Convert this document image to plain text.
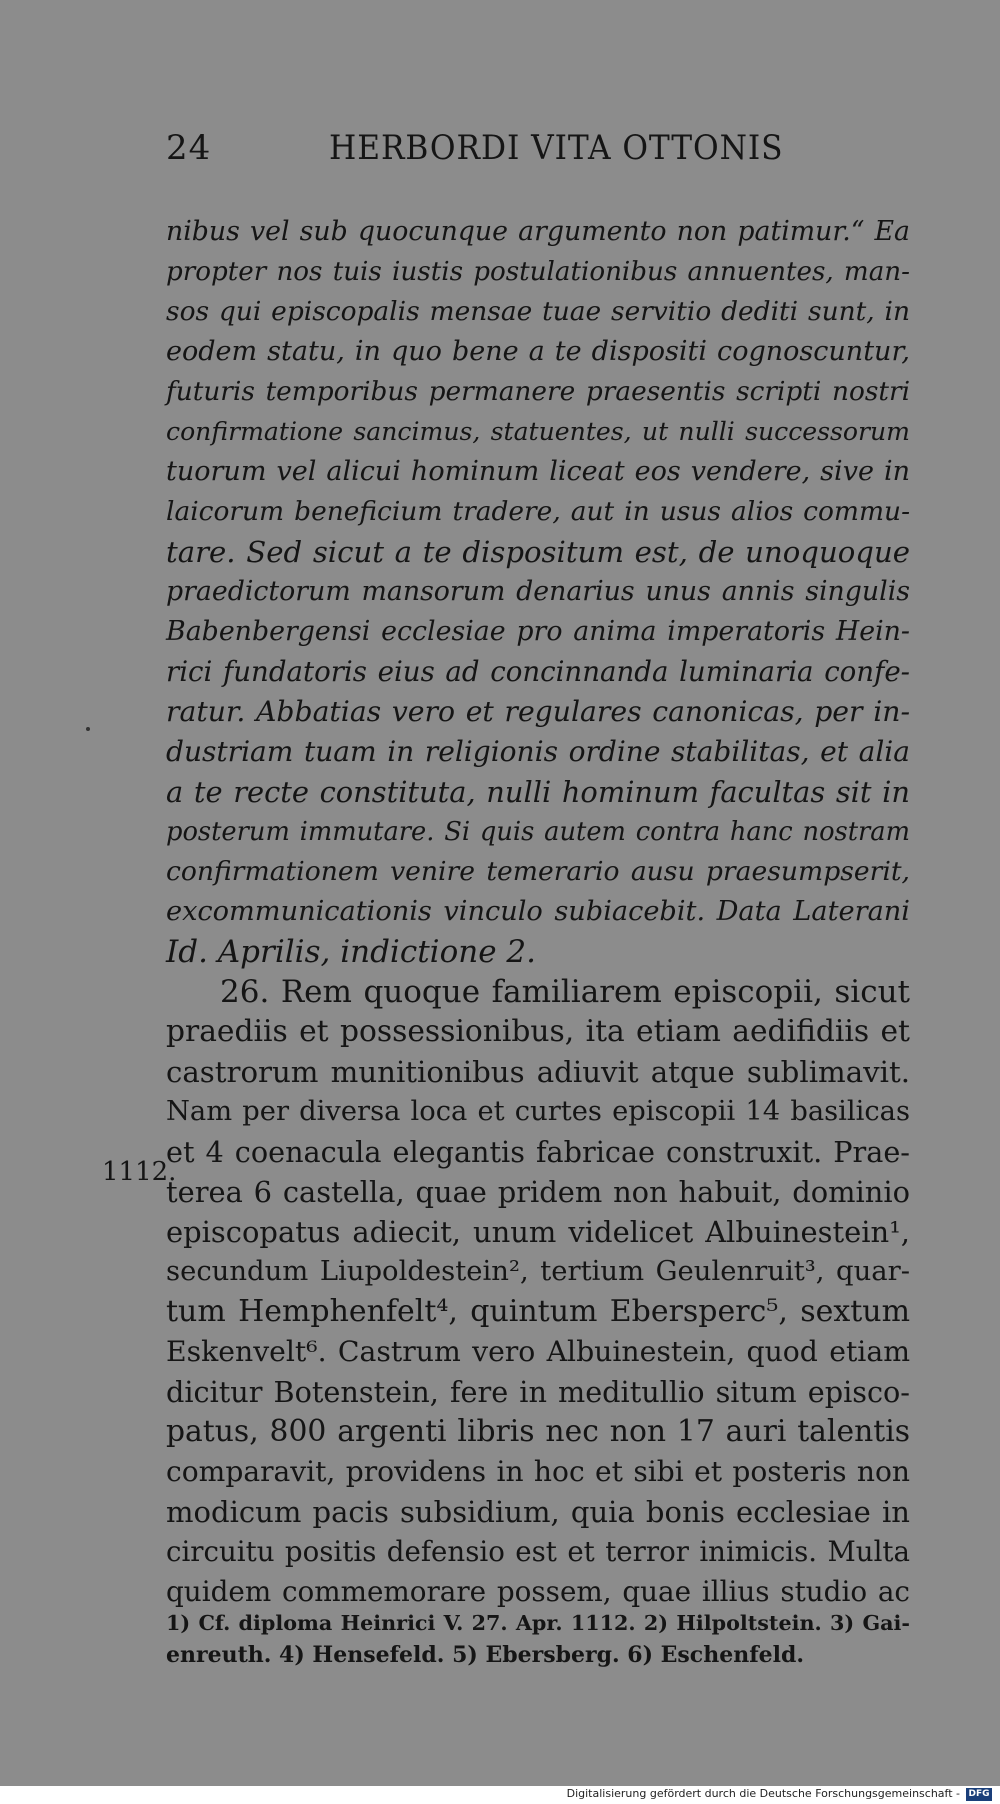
24	HERBORDI VITA OTTONIS
1112.
nibus vel sub quocunque argumento non patimur.“ Ea
propter nos tuis iustis postulationibus annuentes, man-
sos qui episcopalis mensae tuae servitio dediti sunt, in
eodem statu, in quo bene a te dispositi cognoscuntur,
futuris temporibus permanere praesentis scripti nostri
confirmatione sancimus, statuentes, ut nulli successorum
tuorum vel alicui hominum liceat eos vendere, sive in
laicorum beneficium tradere, aut in usus alios commu-
tare. Sed sicut a te dispositum est, de unoquoque
praedictorum mansorum denarius unus annis singulis
Babenbergensi ecclesiae pro anima imperatoris Hein-
rici fundatoris eius ad concinnanda luminaria confe-
ratur. Abbatias vero et regulares canonicas, per in-
dustriam tuam in religionis ordine stabilitas, et alia
a te recte constituta, nulli hominum facultas sit in
posterum immutare. Si quis autem contra hanc nostram
confirmationem venire temerario ausu praesumpserit,
excommunicationis vinculo subiacebit. Data Laterani
Id. Aprilis, indictione 2.
26. Rem quoque familiarem episcopii, sicut
praediis et possessionibus, ita etiam aedifidiis et
castrorum munitionibus adiuvit atque sublimavit.
Nam per diversa loca et curtes episcopii 14 basilicas
et 4 coenacula elegantis fabricae construxit. Prae-
terea 6 castella, quae pridem non habuit, dominio
episcopatus adiecit, unum videlicet Albuinestein¹,
secundum Liupoldestein², tertium Geulenruit³, quar-
tum Hemphenfelt⁴, quintum Ebersperc⁵, sextum
Eskenvelt⁶. Castrum vero Albuinestein, quod etiam
dicitur Botenstein, fere in meditullio situm episco-
patus, 800 argenti libris nec non 17 auri talentis
comparavit, providens in hoc et sibi et posteris non
modicum pacis subsidium, quia bonis ecclesiae in
circuitu positis defensio est et terror inimicis. Multa
quidem commemorare possem, quae illius studio ac
1) Cf. diploma Heinrici V. 27. Apr. 1112. 2) Hilpoltstein. 3) Gai-
enreuth. 4) Hensefeld. 5) Ebersberg. 6) Eschenfeld.
Digitalisierung gefördert durch die Deutsche Forschungsgemeinschaft - DFG
